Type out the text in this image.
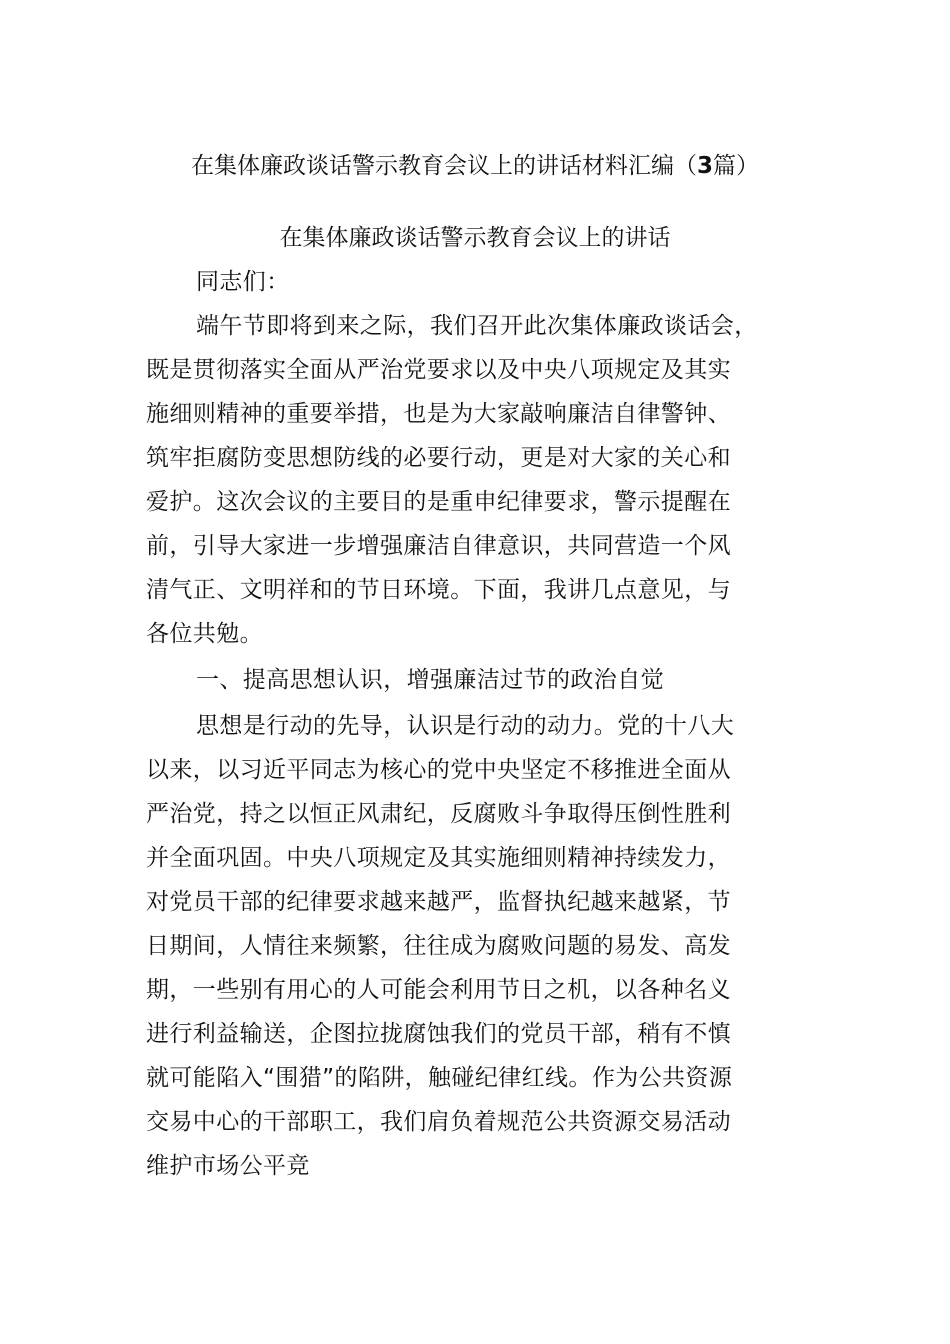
在集体廉政谈话警示教育会议上的讲话材料汇编（3篇）
在集体廉政谈话警示教育会议上的讲话
同志们：
端午节即将到来之际，我们召开此次集体廉政谈话会，
既是贯彻落实全面从严治党要求以及中央八项规定及其实
施细则精神的重要举措，也是为大家敲响廉洁自律警钟、
筑牢拒腐防变思想防线的必要行动，更是对大家的关心和
爱护。这次会议的主要目的是重申纪律要求，警示提醒在
前，引导大家进一步增强廉洁自律意识，共同营造一个风
清气正、文明祥和的节日环境。下面，我讲几点意见，与
各位共勉。
一、提高思想认识，增强廉洁过节的政治自觉
思想是行动的先导，认识是行动的动力。党的十八大
以来，以习近平同志为核心的党中央坚定不移推进全面从
严治党，持之以恒正风肃纪，反腐败斗争取得压倒性胜利
并全面巩固。中央八项规定及其实施细则精神持续发力，
对党员干部的纪律要求越来越严，监督执纪越来越紧，节
日期间，人情往来频繁，往往成为腐败问题的易发、高发
期，一些别有用心的人可能会利用节日之机，以各种名义
进行利益输送，企图拉拢腐蚀我们的党员干部，稍有不慎
就可能陷入“围猎”的陷阱，触碰纪律红线。作为公共资源
交易中心的干部职工，我们肩负着规范公共资源交易活动
维护市场公平竞
